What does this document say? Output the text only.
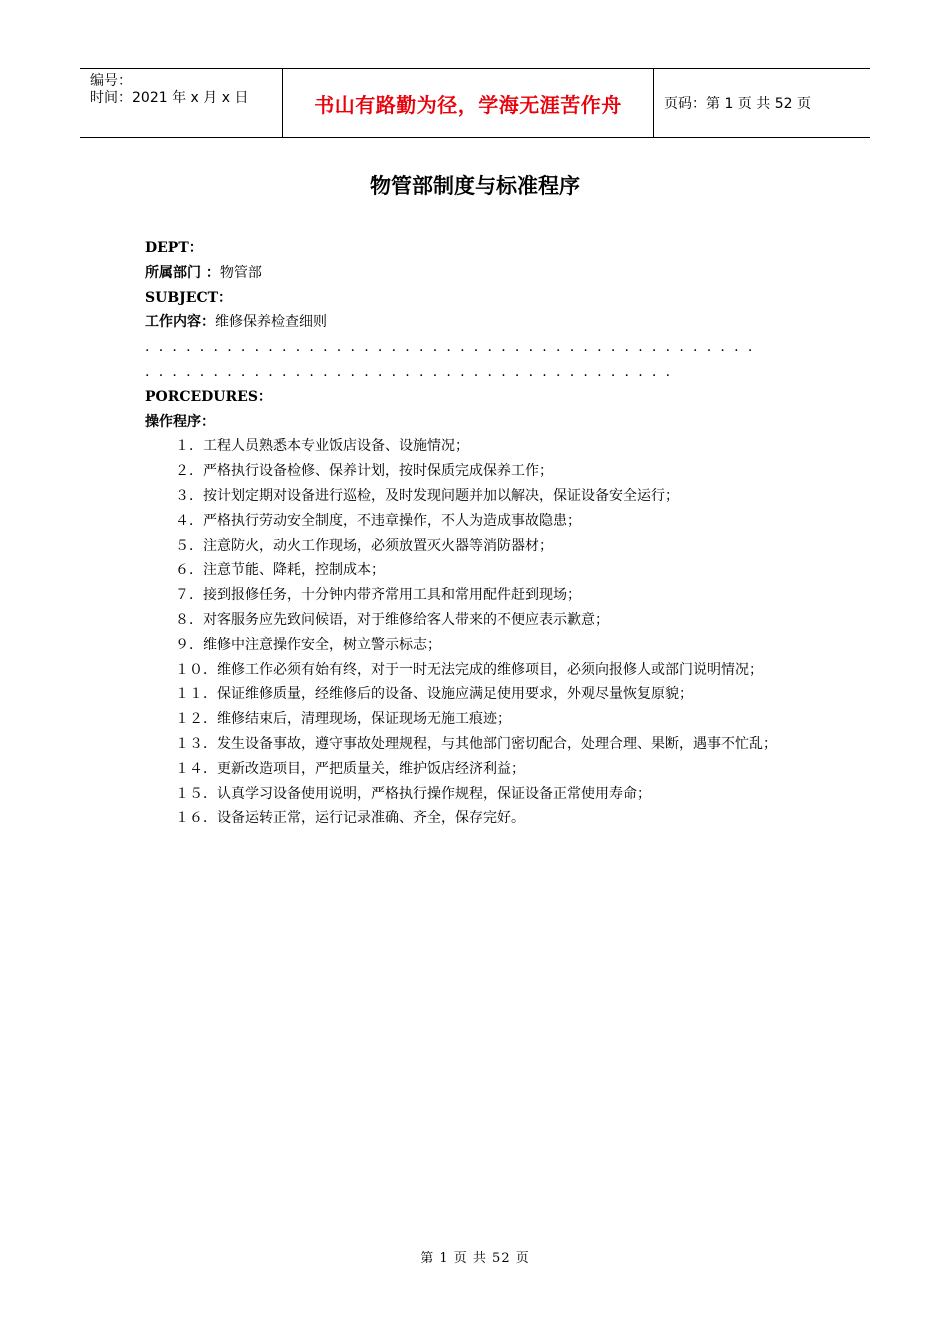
编号：
时间：2021 年 x 月 x 日	书山有路勤为径，学海无涯苦作舟	页码：第 1 页 共 52 页
物管部制度与标准程序
DEPT：
所属部门 ：物管部
SUBJECT：
工作内容：维修保养检查细则
. . . . . . . . . . . . . . . . . . . . . . . . . . . . . . . . . . . . . . . . . . . . .
. . . . . . . . . . . . . . . . . . . . . . . . . . . . . . . . . . . . . . .
PORCEDURES：
操作程序：
１．工程人员熟悉本专业饭店设备、设施情况；
２．严格执行设备检修、保养计划，按时保质完成保养工作；
３．按计划定期对设备进行巡检，及时发现问题并加以解决，保证设备安全运行；
４．严格执行劳动安全制度，不违章操作，不人为造成事故隐患；
５．注意防火，动火工作现场，必须放置灭火器等消防器材；
６．注意节能、降耗，控制成本；
７．接到报修任务，十分钟内带齐常用工具和常用配件赶到现场；
８．对客服务应先致问候语，对于维修给客人带来的不便应表示歉意；
９．维修中注意操作安全，树立警示标志；
１０．维修工作必须有始有终，对于一时无法完成的维修项目，必须向报修人或部门说明情况；
１１．保证维修质量，经维修后的设备、设施应满足使用要求，外观尽量恢复原貌；
１２．维修结束后，清理现场，保证现场无施工痕迹；
１３．发生设备事故，遵守事故处理规程，与其他部门密切配合，处理合理、果断，遇事不忙乱；
１４．更新改造项目，严把质量关，维护饭店经济利益；
１５．认真学习设备使用说明，严格执行操作规程，保证设备正常使用寿命；
１６．设备运转正常，运行记录准确、齐全，保存完好。
第 1 页 共 52 页
